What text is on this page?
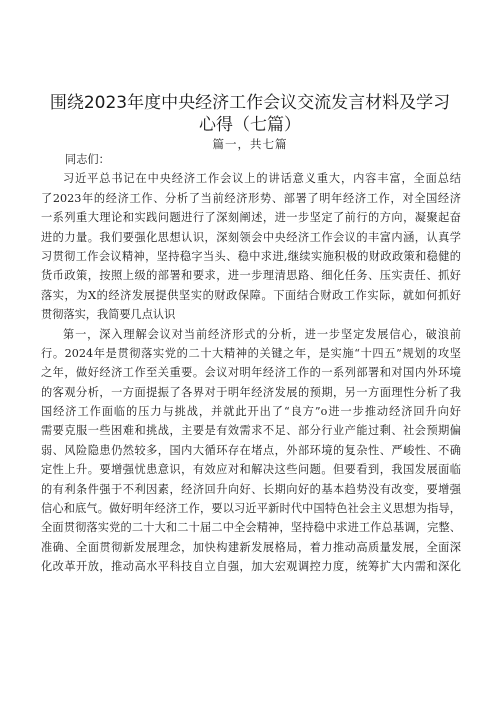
围绕2023年度中央经济工作会议交流发言材料及学习
心得（七篇）
篇一，共七篇
同志们：
习近平总书记在中央经济工作会议上的讲话意义重大，内容丰富，全面总结
了2023年的经济工作、分析了当前经济形势、部署了明年经济工作，对全国经济
一系列重大理论和实践问题进行了深刻阐述，进一步坚定了前行的方向，凝聚起奋
进的力量。我们要强化思想认识，深刻领会中央经济工作会议的丰富内涵，认真学
习贯彻工作会议精神，坚持稳字当头、稳中求进,继续实施积极的财政政策和稳健的
货币政策，按照上级的部署和要求，进一步理清思路、细化任务、压实责任、抓好
落实，为X的经济发展提供坚实的财政保障。下面结合财政工作实际，就如何抓好
贯彻落实，我简要几点认识
第一，深入理解会议对当前经济形式的分析，进一步坚定发展信心，破浪前
行。2024年是贯彻落实党的二十大精神的关键之年，是实施“十四五”规划的攻坚
之年，做好经济工作至关重要。会议对明年经济工作的一系列部署和对国内外环境
的客观分析，一方面提振了各界对于明年经济发展的预期，另一方面理性分析了我
国经济工作面临的压力与挑战，并就此开出了“良方”o进一步推动经济回升向好
需要克服一些困难和挑战，主要是有效需求不足、部分行业产能过剩、社会预期偏
弱、风险隐患仍然较多，国内大循环存在堵点，外部环境的复杂性、严峻性、不确
定性上升。要增强忧患意识，有效应对和解决这些问题。但要看到，我国发展面临
的有利条件强于不利因素，经济回升向好、长期向好的基本趋势没有改变，要增强
信心和底气。做好明年经济工作，要以习近平新时代中国特色社会主义思想为指导，
全面贯彻落实党的二十大和二十届二中全会精神，坚持稳中求进工作总基调，完整、
准确、全面贯彻新发展理念，加快构建新发展格局，着力推动高质量发展，全面深
化改革开放，推动高水平科技自立自强，加大宏观调控力度，统筹扩大内需和深化
